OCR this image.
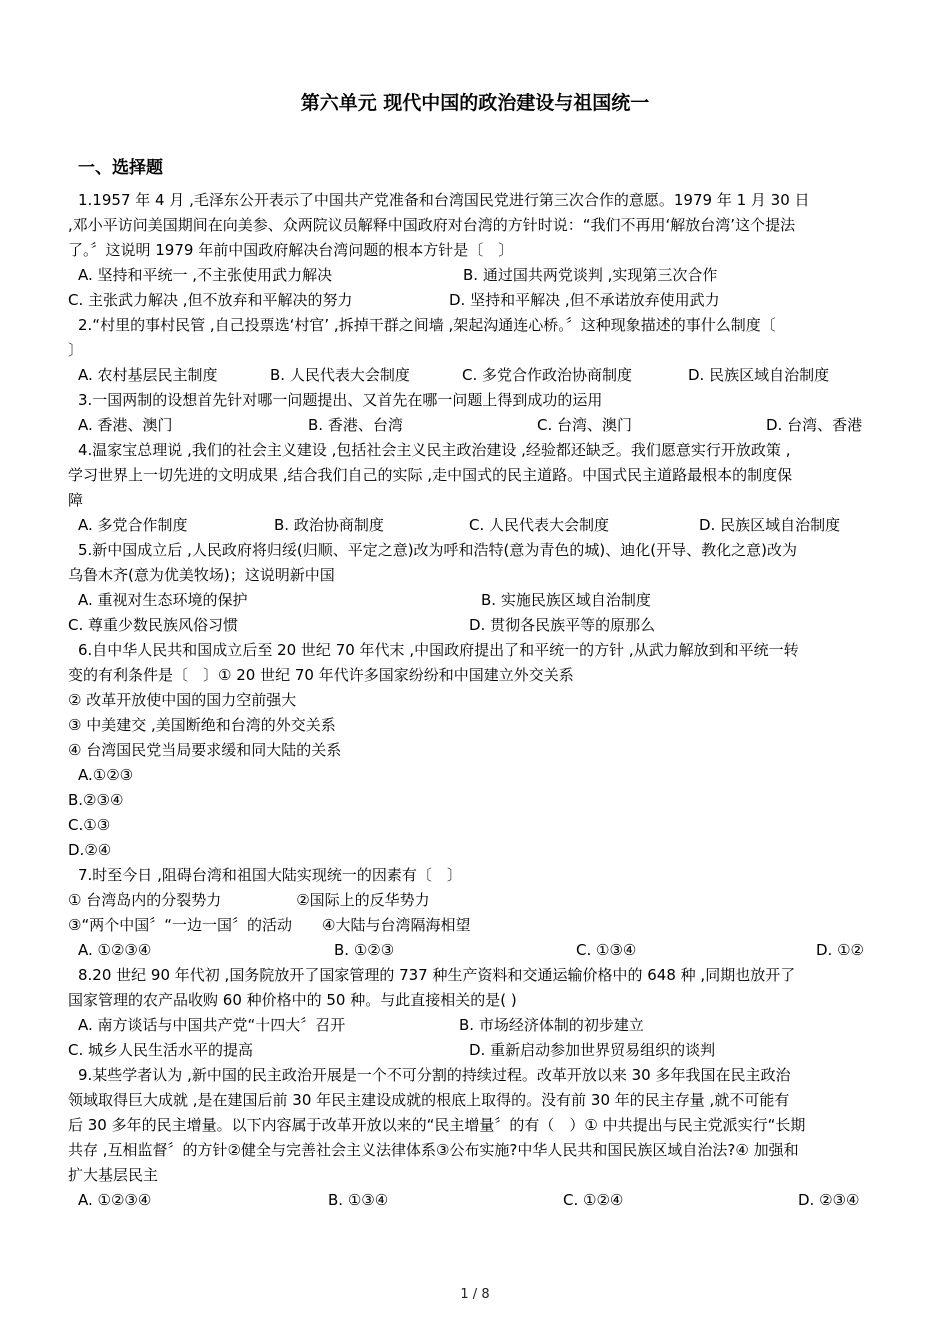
第六单元 现代中国的政治建设与祖国统一
一、选择题
1.1957 年 4 月 ,毛泽东公开表示了中国共产党准备和台湾国民党进行第三次合作的意愿。1979 年 1 月 30 日
,邓小平访问美国期间在向美参、众两院议员解释中国政府对台湾的方针时说：“我们不再用‘解放台湾’这个提法
了。〞这说明 1979 年前中国政府解决台湾问题的根本方针是〔　〕
A. 坚持和平统一 ,不主张使用武力解决	B. 通过国共两党谈判 ,实现第三次合作
C. 主张武力解决 ,但不放弃和平解决的努力	D. 坚持和平解决 ,但不承诺放弃使用武力
2.“村里的事村民管 ,自己投票选‘村官’ ,拆掉干群之间墙 ,架起沟通连心桥。〞这种现象描述的事什么制度〔
〕
A. 农村基层民主制度	B. 人民代表大会制度	C. 多党合作政治协商制度	D. 民族区域自治制度
3.一国两制的设想首先针对哪一问题提出、又首先在哪一问题上得到成功的运用
A. 香港、澳门	B. 香港、台湾	C. 台湾、澳门	D. 台湾、香港
4.温家宝总理说 ,我们的社会主义建设 ,包括社会主义民主政治建设 ,经验都还缺乏。我们愿意实行开放政策 ,
学习世界上一切先进的文明成果 ,结合我们自己的实际 ,走中国式的民主道路。中国式民主道路最根本的制度保
障
A. 多党合作制度	B. 政治协商制度	C. 人民代表大会制度	D. 民族区域自治制度
5.新中国成立后 ,人民政府将归绥(归顺、平定之意)改为呼和浩特(意为青色的城)、迪化(开导、教化之意)改为
乌鲁木齐(意为优美牧场)；这说明新中国
A. 重视对生态环境的保护	B. 实施民族区域自治制度
C. 尊重少数民族风俗习惯	D. 贯彻各民族平等的原那么
6.自中华人民共和国成立后至 20 世纪 70 年代末 ,中国政府提出了和平统一的方针 ,从武力解放到和平统一转
变的有利条件是〔　〕① 20 世纪 70 年代许多国家纷纷和中国建立外交关系
② 改革开放使中国的国力空前强大
③ 中美建交 ,美国断绝和台湾的外交关系
④ 台湾国民党当局要求缓和同大陆的关系
A.①②③
B.②③④
C.①③
D.②④
7.时至今日 ,阻碍台湾和祖国大陆实现统一的因素有〔　〕
① 台湾岛内的分裂势力　　　　　②国际上的反华势力
③“两个中国〞“一边一国〞的活动　　④大陆与台湾隔海相望
A. ①②③④	B. ①②③	C. ①③④	D. ①②
8.20 世纪 90 年代初 ,国务院放开了国家管理的 737 种生产资料和交通运输价格中的 648 种 ,同期也放开了
国家管理的农产品收购 60 种价格中的 50 种。与此直接相关的是( )
A. 南方谈话与中国共产党“十四大〞召开	B. 市场经济体制的初步建立
C. 城乡人民生活水平的提高	D. 重新启动参加世界贸易组织的谈判
9.某些学者认为 ,新中国的民主政治开展是一个不可分割的持续过程。改革开放以来 30 多年我国在民主政治
领域取得巨大成就 ,是在建国后前 30 年民主建设成就的根底上取得的。没有前 30 年的民主存量 ,就不可能有
后 30 多年的民主增量。以下内容属于改革开放以来的“民主增量〞的有（　）① 中共提出与民主党派实行“长期
共存 ,互相监督〞的方针②健全与完善社会主义法律体系③公布实施?中华人民共和国民族区域自治法?④ 加强和
扩大基层民主
A. ①②③④	B. ①③④	C. ①②④	D. ②③④
1 / 8
